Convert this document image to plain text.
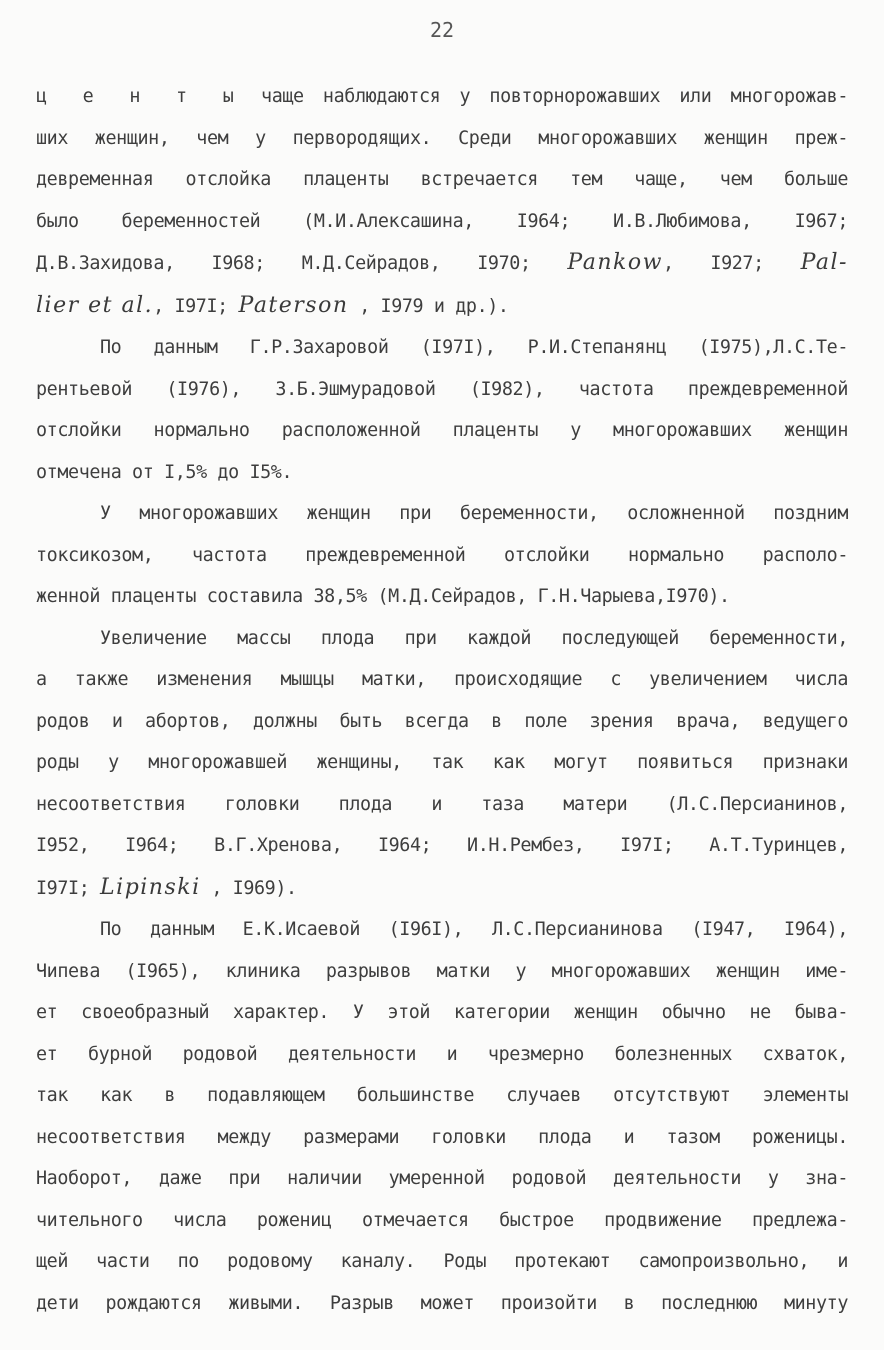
22

ц е н т ы чаще наблюдаются у повторнорожавших или многорожав-
ших женщин, чем у первородящих. Среди многорожавших женщин преж-
девременная отслойка плаценты встречается тем чаще, чем больше
было беременностей (М.И.Алексашина, I964; И.В.Любимова, I967;
Д.В.Захидова, I968; М.Д.Сейрадов, I970; Pankow, I927; Pal-
lier et al., I97I; Paterson , I979 и др.).

По данным Г.Р.Захаровой (I97I), Р.И.Степанянц (I975),Л.С.Те-
рентьевой (I976), З.Б.Эшмурадовой (I982), частота преждевременной
отслойки нормально расположенной плаценты у многорожавших женщин
отмечена от I,5% до I5%.

У многорожавших женщин при беременности, осложненной поздним
токсикозом, частота преждевременной отслойки нормально располо-
женной плаценты составила 38,5% (М.Д.Сейрадов, Г.Н.Чарыева,I970).

Увеличение массы плода при каждой последующей беременности,
а также изменения мышцы матки, происходящие с увеличением числа
родов и абортов, должны быть всегда в поле зрения врача, ведущего
роды у многорожавшей женщины, так как могут появиться признаки
несоответствия головки плода и таза матери (Л.С.Персианинов,
I952, I964; В.Г.Хренова, I964; И.Н.Рембез, I97I; А.Т.Туринцев,
I97I; Lipinski , I969).

По данным Е.К.Исаевой (I96I), Л.С.Персианинова (I947, I964),
Чипева (I965), клиника разрывов матки у многорожавших женщин име-
ет своеобразный характер. У этой категории женщин обычно не быва-
ет бурной родовой деятельности и чрезмерно болезненных схваток,
так как в подавляющем большинстве случаев отсутствуют элементы
несоответствия между размерами головки плода и тазом роженицы.
Наоборот, даже при наличии умеренной родовой деятельности у зна-
чительного числа рожениц отмечается быстрое продвижение предлежа-
щей части по родовому каналу. Роды протекают самопроизвольно, и
дети рождаются живыми. Разрыв может произойти в последнюю минуту
